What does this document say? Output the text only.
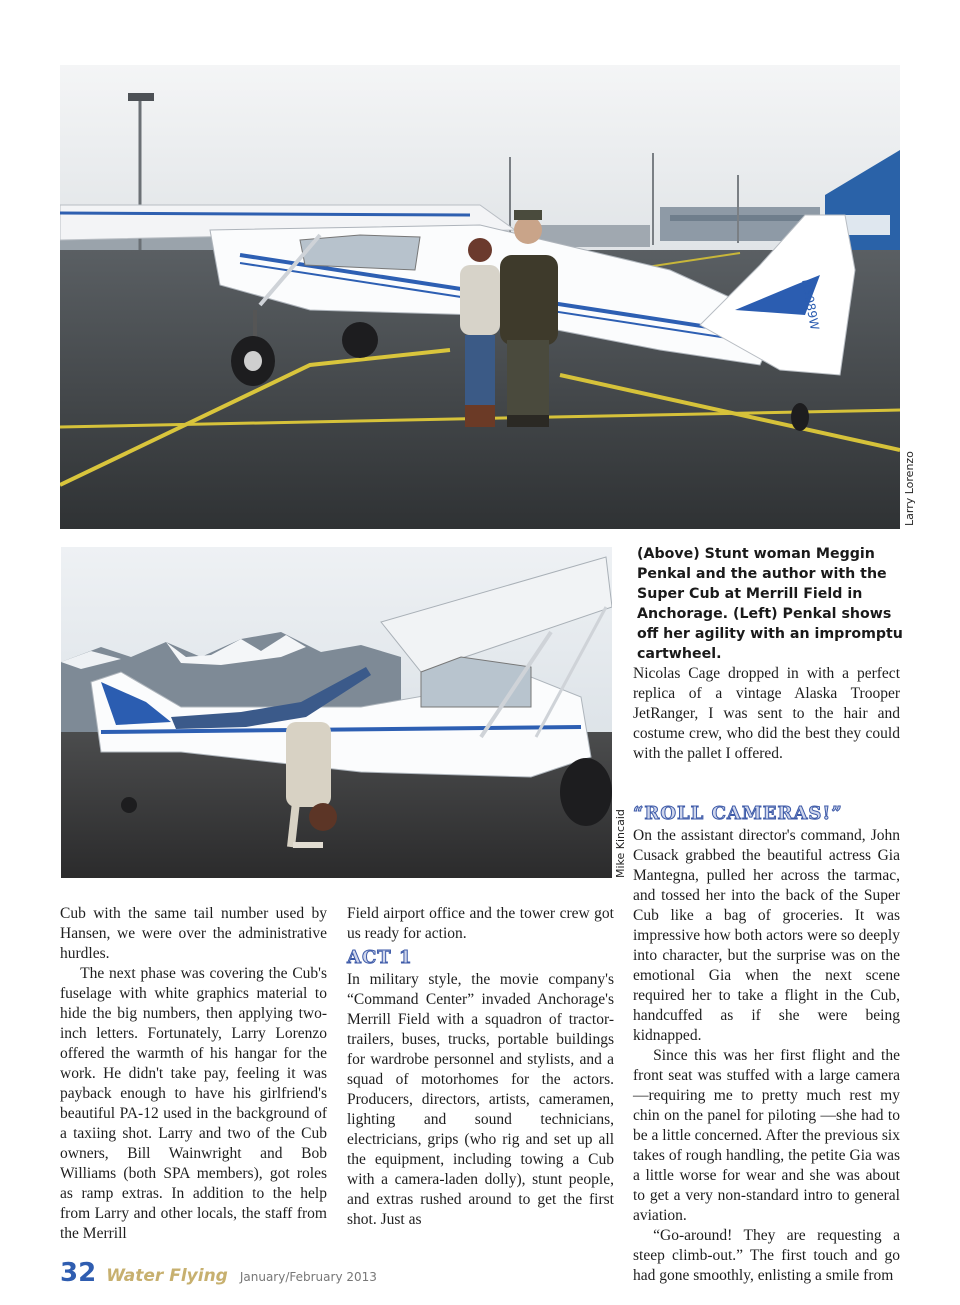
N3089W
Larry Lorenzo
Mike Kincaid

(Above) Stunt woman Meggin Penkal and the author with the Super Cub at Merrill Field in Anchorage. (Left) Penkal shows off her agility with an impromptu cartwheel.

Cub with the same tail number used by Hansen, we were over the administrative hurdles.

The next phase was covering the Cub's fuselage with white graphics material to hide the big numbers, then applying two-inch letters. Fortunately, Larry Lorenzo offered the warmth of his hangar for the work. He didn't take pay, feeling it was payback enough to have his girlfriend's beautiful PA-12 used in the background of a taxiing shot. Larry and two of the Cub owners, Bill Wainwright and Bob Williams (both SPA members), got roles as ramp extras. In addition to the help from Larry and other locals, the staff from the Merrill

Field airport office and the tower crew got us ready for action.

ACT 1

In military style, the movie company's “Command Center” invaded Anchorage's Merrill Field with a squadron of tractor-trailers, buses, trucks, portable buildings for wardrobe personnel and stylists, and a squad of motorhomes for the actors. Producers, directors, artists, cameramen, lighting and sound technicians, electricians, grips (who rig and set up all the equipment, including towing a Cub with a camera-laden dolly), stunt people, and extras rushed around to get the first shot. Just as

Nicolas Cage dropped in with a perfect replica of a vintage Alaska Trooper JetRanger, I was sent to the hair and costume crew, who did the best they could with the pallet I offered.

“ROLL CAMERAS!”

On the assistant director's command, John Cusack grabbed the beautiful actress Gia Mantegna, pulled her across the tarmac, and tossed her into the back of the Super Cub like a bag of groceries. It was impressive how both actors were so deeply into character, but the surprise was on the emotional Gia when the next scene required her to take a flight in the Cub, handcuffed as if she were being kidnapped.

Since this was her first flight and the front seat was stuffed with a large camera—requiring me to pretty much rest my chin on the panel for piloting —she had to be a little concerned. After the previous six takes of rough handling, the petite Gia was a little worse for wear and she was about to get a very non-standard intro to general aviation.

“Go-around! They are requesting a steep climb-out.” The first touch and go had gone smoothly, enlisting a smile from

32 Water Flying January/February 2013
